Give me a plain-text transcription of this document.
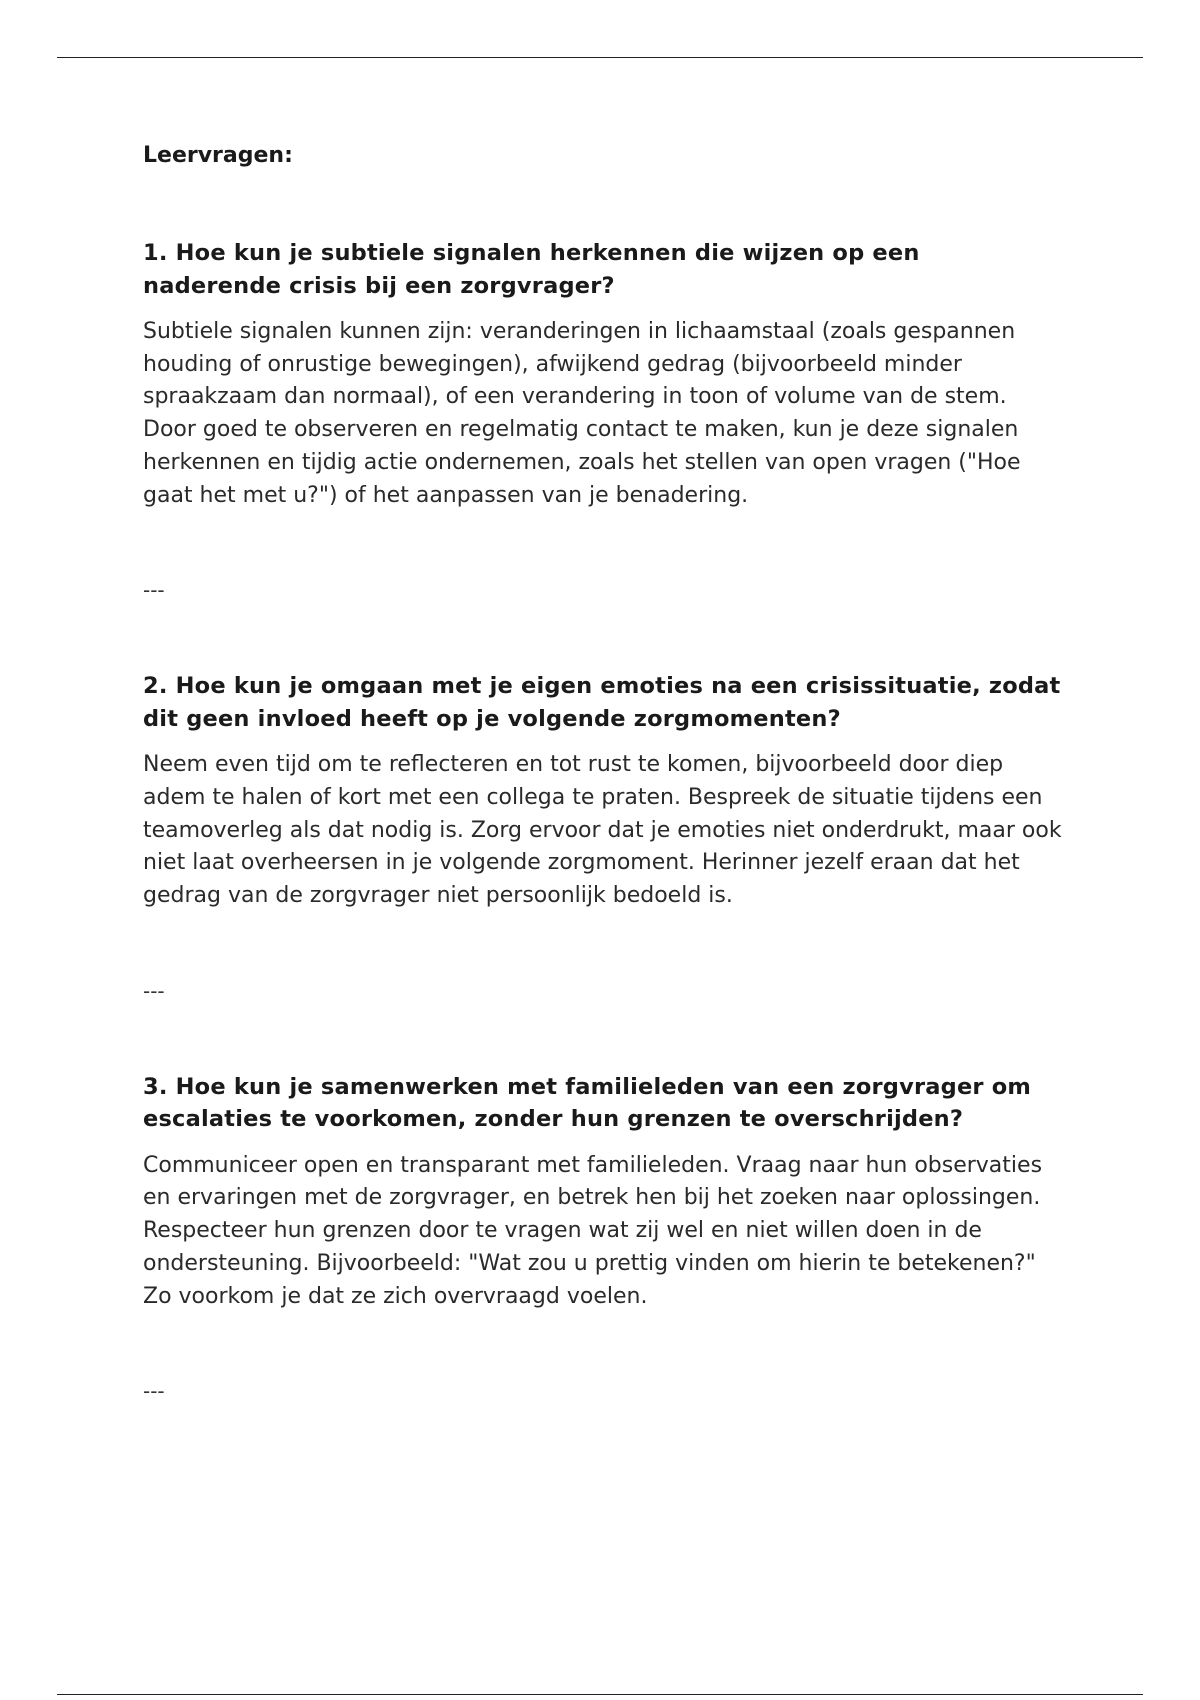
Leervragen:

1. Hoe kun je subtiele signalen herkennen die wijzen op een naderende crisis bij een zorgvrager?

Subtiele signalen kunnen zijn: veranderingen in lichaamstaal (zoals gespannen houding of onrustige bewegingen), afwijkend gedrag (bijvoorbeeld minder spraakzaam dan normaal), of een verandering in toon of volume van de stem. Door goed te observeren en regelmatig contact te maken, kun je deze signalen herkennen en tijdig actie ondernemen, zoals het stellen van open vragen ("Hoe gaat het met u?") of het aanpassen van je benadering.

---

2. Hoe kun je omgaan met je eigen emoties na een crisissituatie, zodat dit geen invloed heeft op je volgende zorgmomenten?

Neem even tijd om te reflecteren en tot rust te komen, bijvoorbeeld door diep adem te halen of kort met een collega te praten. Bespreek de situatie tijdens een teamoverleg als dat nodig is. Zorg ervoor dat je emoties niet onderdrukt, maar ook niet laat overheersen in je volgende zorgmoment. Herinner jezelf eraan dat het gedrag van de zorgvrager niet persoonlijk bedoeld is.

---

3. Hoe kun je samenwerken met familieleden van een zorgvrager om escalaties te voorkomen, zonder hun grenzen te overschrijden?

Communiceer open en transparant met familieleden. Vraag naar hun observaties en ervaringen met de zorgvrager, en betrek hen bij het zoeken naar oplossingen. Respecteer hun grenzen door te vragen wat zij wel en niet willen doen in de ondersteuning. Bijvoorbeeld: "Wat zou u prettig vinden om hierin te betekenen?" Zo voorkom je dat ze zich overvraagd voelen.

---
